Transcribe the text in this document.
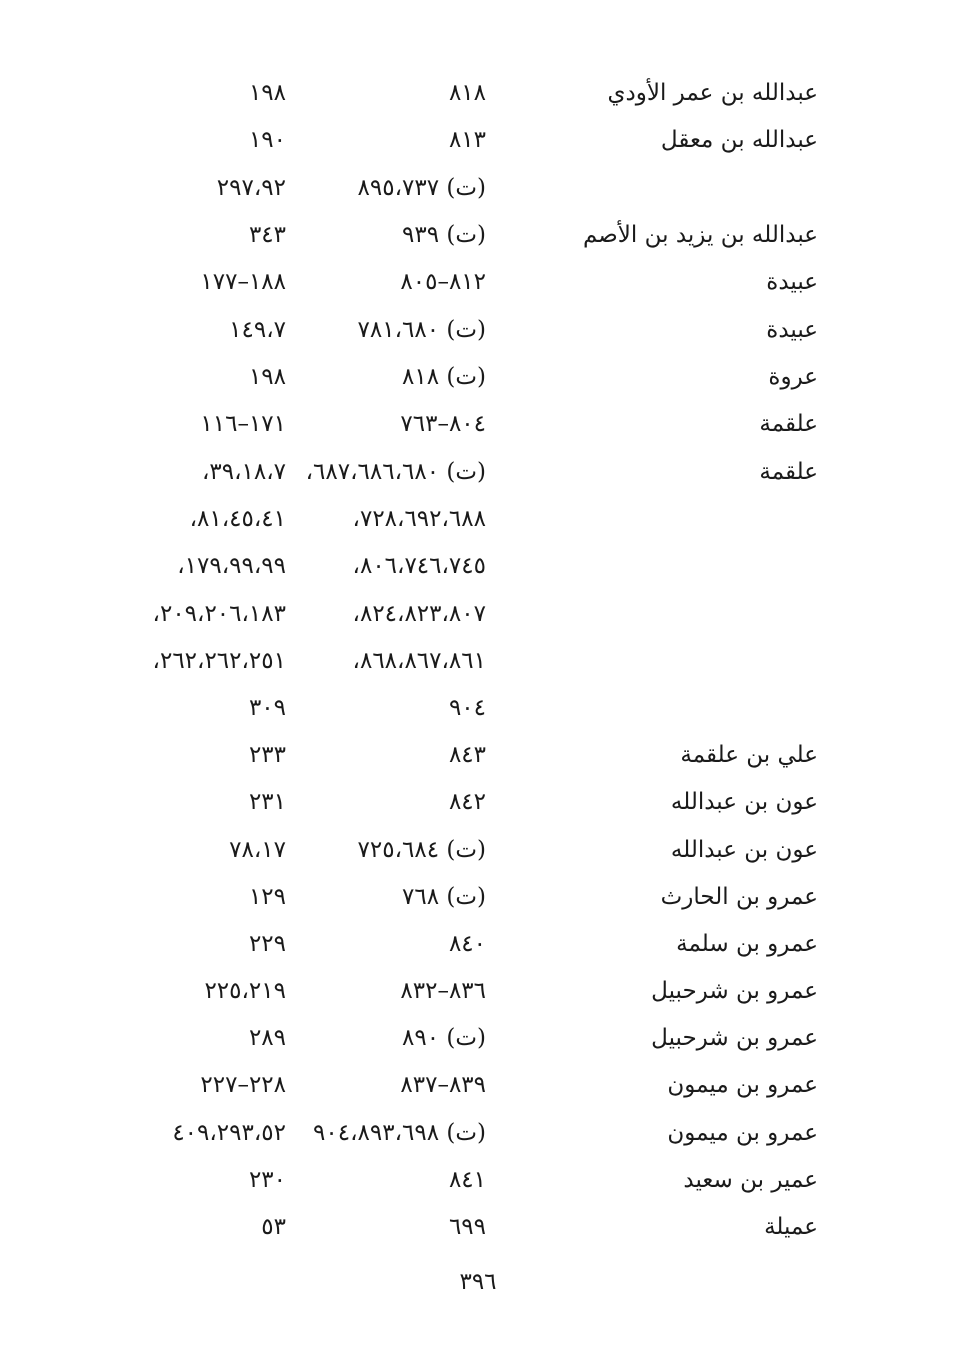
عبدالله بن عمر الأودي
٨١٨
١٩٨
عبدالله بن معقل
٨١٣
١٩٠
(ت) ٨٩٥،٧٣٧
٢٩٧،٩٢
عبدالله بن يزيد بن الأصم
(ت) ٩٣٩
٣٤٣
عبيدة
٨١٢–٨٠٥
١٨٨–١٧٧
عبيدة
(ت) ٧٨١،٦٨٠
١٤٩،٧
عروة
(ت) ٨١٨
١٩٨
علقمة
٨٠٤–٧٦٣
١٧١–١١٦
علقمة
(ت) ٦٨٧،٦٨٦،٦٨٠،
٣٩،١٨،٧،
٧٢٨،٦٩٢،٦٨٨،
٨١،٤٥،٤١،
٨٠٦،٧٤٦،٧٤٥،
١٧٩،٩٩،٩٩،
٨٢٤،٨٢٣،٨٠٧،
٢٠٩،٢٠٦،١٨٣،
٨٦٨،٨٦٧،٨٦١،
٢٦٢،٢٦٢،٢٥١،
٩٠٤
٣٠٩
علي بن علقمة
٨٤٣
٢٣٣
عون بن عبدالله
٨٤٢
٢٣١
عون بن عبدالله
(ت) ٧٢٥،٦٨٤
٧٨،١٧
عمرو بن الحارث
(ت) ٧٦٨
١٢٩
عمرو بن سلمة
٨٤٠
٢٢٩
عمرو بن شرحبيل
٨٣٦–٨٣٢
٢٢٥،٢١٩
عمرو بن شرحبيل
(ت) ٨٩٠
٢٨٩
عمرو بن ميمون
٨٣٩–٨٣٧
٢٢٨–٢٢٧
عمرو بن ميمون
(ت) ٩٠٤،٨٩٣،٦٩٨
٤٠٩،٢٩٣،٥٢
عمير بن سعيد
٨٤١
٢٣٠
عميلة
٦٩٩
٥٣
٣٩٦
